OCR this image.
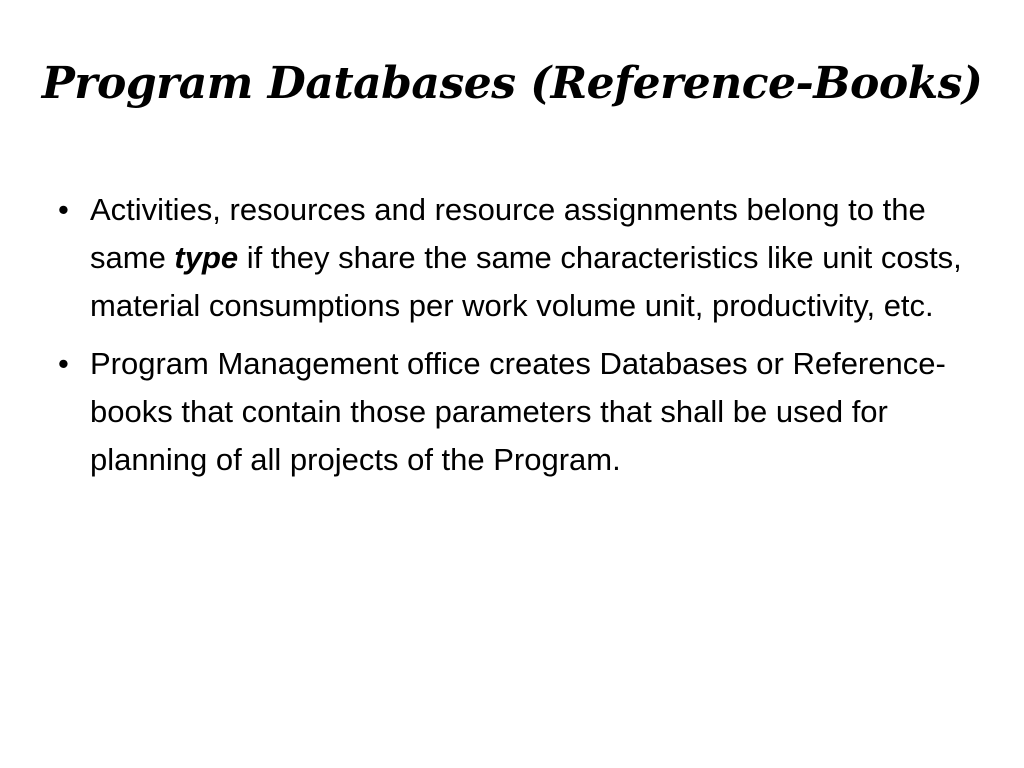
Program Databases (Reference-Books)
• Activities, resources and resource assignments belong to the same type if they share the same characteristics like unit costs, material consumptions per work volume unit, productivity, etc.
• Program Management office creates Databases or Reference-books that contain those parameters that shall be used for planning of all projects of the Program.
